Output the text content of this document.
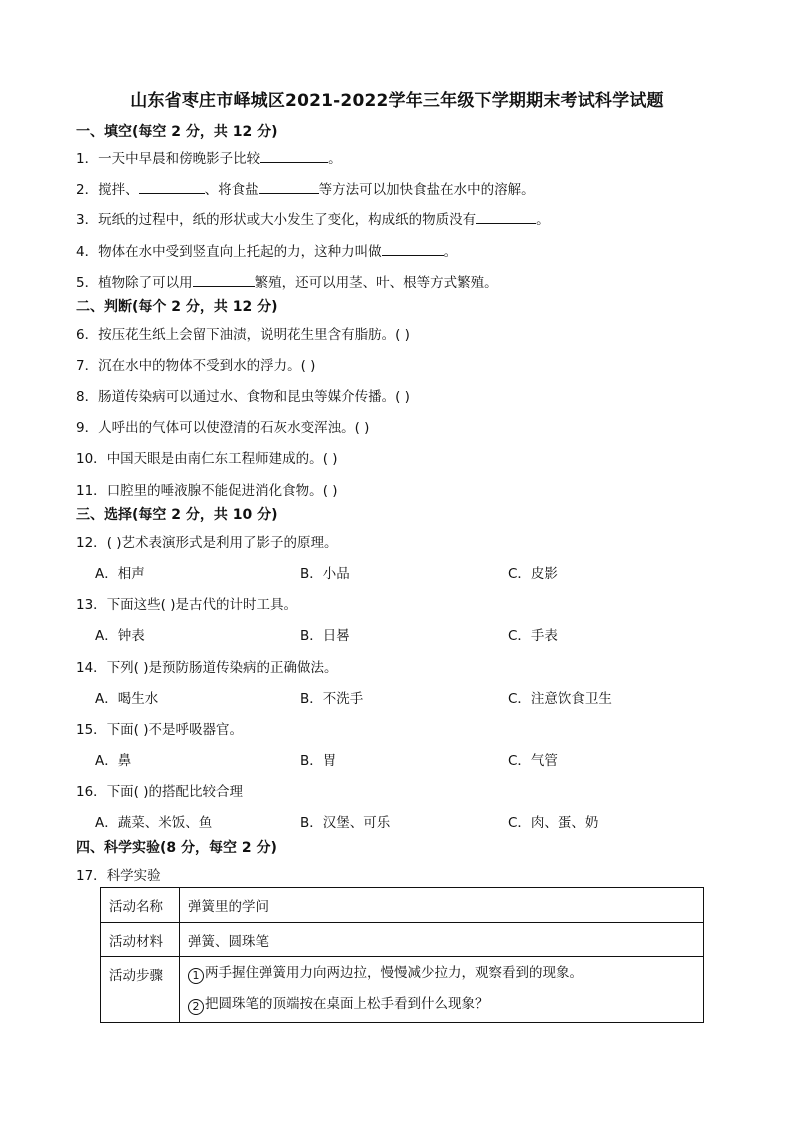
山东省枣庄市峄城区2021-2022学年三年级下学期期末考试科学试题
一、填空(每空 2 分，共 12 分)
1．一天中早晨和傍晚影子比较	。
2．搅拌、	、将食盐	等方法可以加快食盐在水中的溶解。
3．玩纸的过程中，纸的形状或大小发生了变化，构成纸的物质没有	。
4．物体在水中受到竖直向上托起的力，这种力叫做	。
5．植物除了可以用	繁殖，还可以用茎、叶、根等方式繁殖。
二、判断(每个 2 分，共 12 分)
6．按压花生纸上会留下油渍，说明花生里含有脂肪。( )
7．沉在水中的物体不受到水的浮力。( )
8．肠道传染病可以通过水、食物和昆虫等媒介传播。( )
9．人呼出的气体可以使澄清的石灰水变浑浊。( )
10．中国天眼是由南仁东工程师建成的。( )
11．口腔里的唾液腺不能促进消化食物。( )
三、选择(每空 2 分，共 10 分)
12．( )艺术表演形式是利用了影子的原理。
A．相声	B．小品	C．皮影
13．下面这些( )是古代的计时工具。
A．钟表	B．日晷	C．手表
14．下列( )是预防肠道传染病的正确做法。
A．喝生水	B．不洗手	C．注意饮食卫生
15．下面( )不是呼吸器官。
A．鼻	B．胃	C．气管
16．下面( )的搭配比较合理
A．蔬菜、米饭、鱼	B．汉堡、可乐	C．肉、蛋、奶
四、科学实验(8 分，每空 2 分)
17．科学实验
活动名称	弹簧里的学问
活动材料	弹簧、圆珠笔
活动步骤	1 两手握住弹簧用力向两边拉，慢慢减少拉力，观察看到的现象。
2 把圆珠笔的顶端按在桌面上松手看到什么现象？
